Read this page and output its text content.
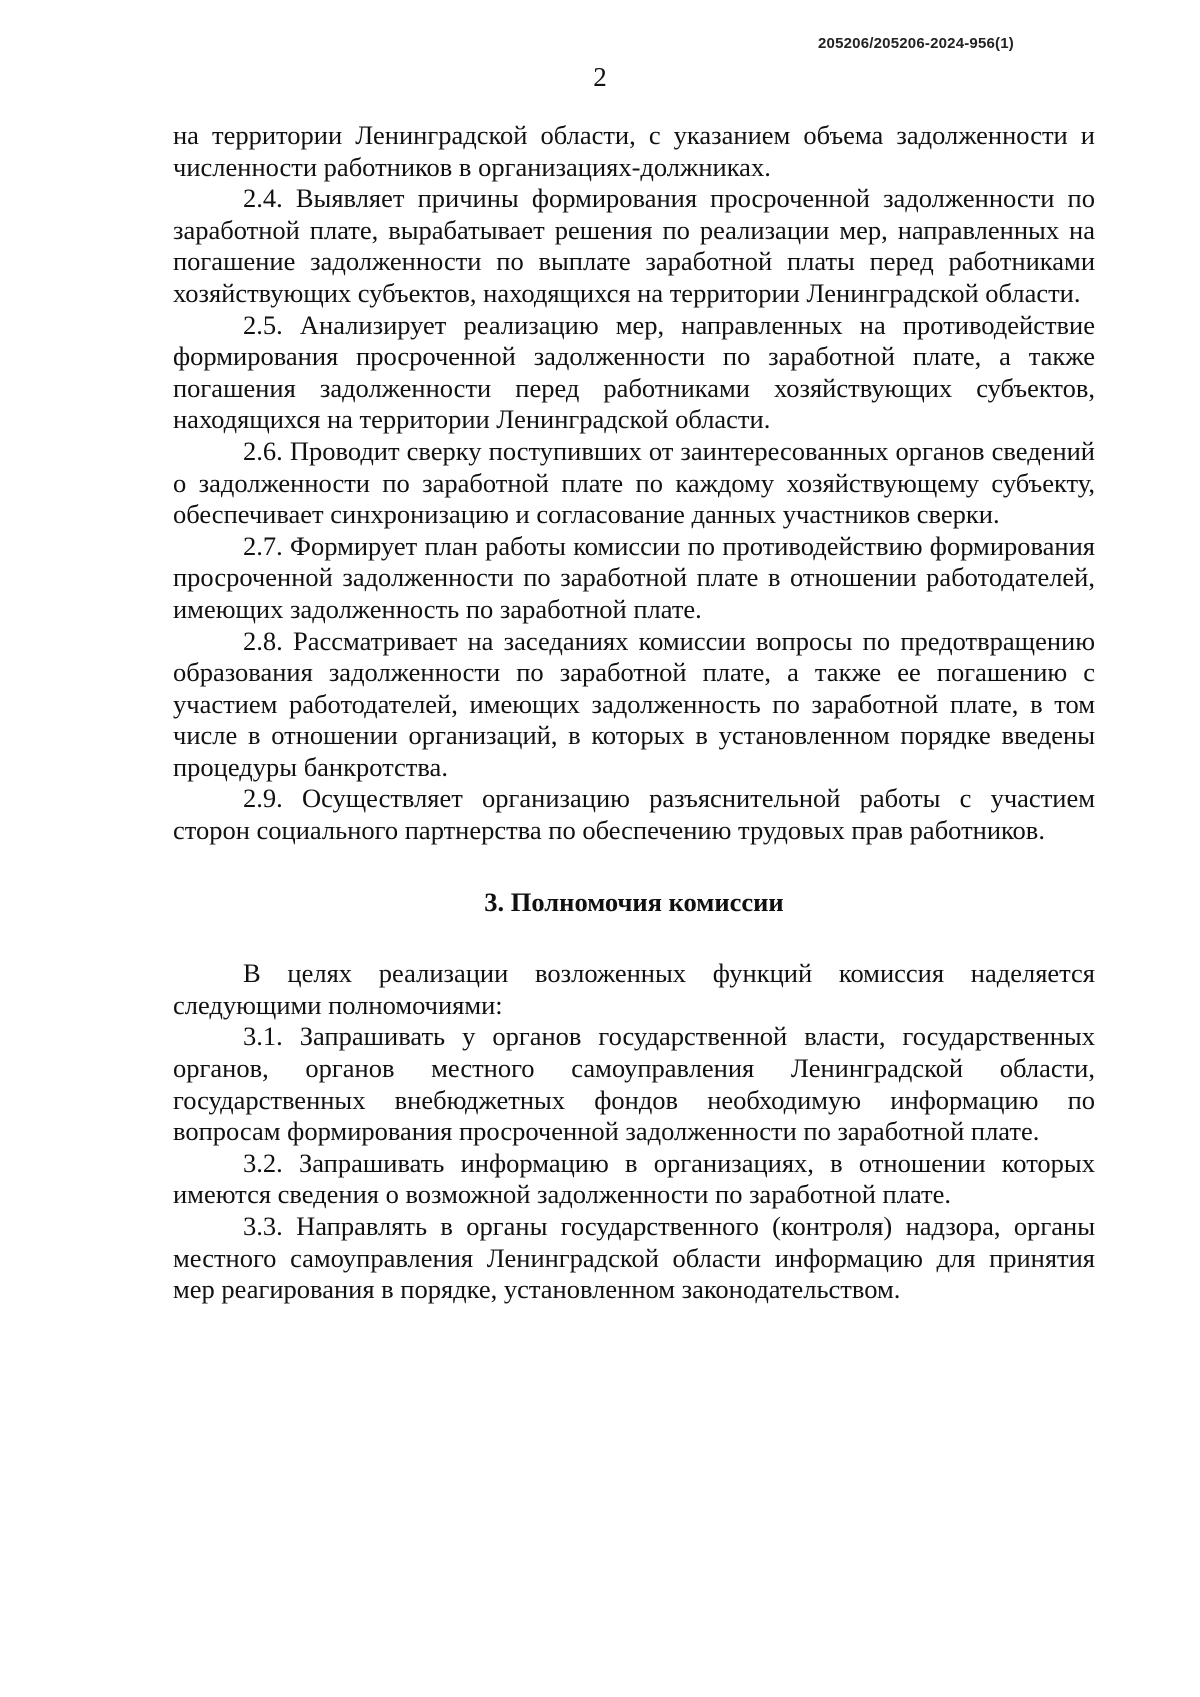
205206/205206-2024-956(1)
2

на территории Ленинградской области, с указанием объема задолженности и численности работников в организациях-должниках.

2.4. Выявляет причины формирования просроченной задолженности по заработной плате, вырабатывает решения по реализации мер, направленных на погашение задолженности по выплате заработной платы перед работниками хозяйствующих субъектов, находящихся на территории Ленинградской области.

2.5. Анализирует реализацию мер, направленных на противодействие формирования просроченной задолженности по заработной плате, а также погашения задолженности перед работниками хозяйствующих субъектов, находящихся на территории Ленинградской области.

2.6. Проводит сверку поступивших от заинтересованных органов сведений о задолженности по заработной плате по каждому хозяйствующему субъекту, обеспечивает синхронизацию и согласование данных участников сверки.

2.7. Формирует план работы комиссии по противодействию формирования просроченной задолженности по заработной плате в отношении работодателей, имеющих задолженность по заработной плате.

2.8. Рассматривает на заседаниях комиссии вопросы по предотвращению образования задолженности по заработной плате, а также ее погашению с участием работодателей, имеющих задолженность по заработной плате, в том числе в отношении организаций, в которых в установленном порядке введены процедуры банкротства.

2.9. Осуществляет организацию разъяснительной работы с участием сторон социального партнерства по обеспечению трудовых прав работников.

3. Полномочия комиссии

В целях реализации возложенных функций комиссия наделяется следующими полномочиями:

3.1. Запрашивать у органов государственной власти, государственных органов, органов местного самоуправления Ленинградской области, государственных внебюджетных фондов необходимую информацию по вопросам формирования просроченной задолженности по заработной плате.

3.2. Запрашивать информацию в организациях, в отношении которых имеются сведения о возможной задолженности по заработной плате.

3.3. Направлять в органы государственного (контроля) надзора, органы местного самоуправления Ленинградской области информацию для принятия мер реагирования в порядке, установленном законодательством.
